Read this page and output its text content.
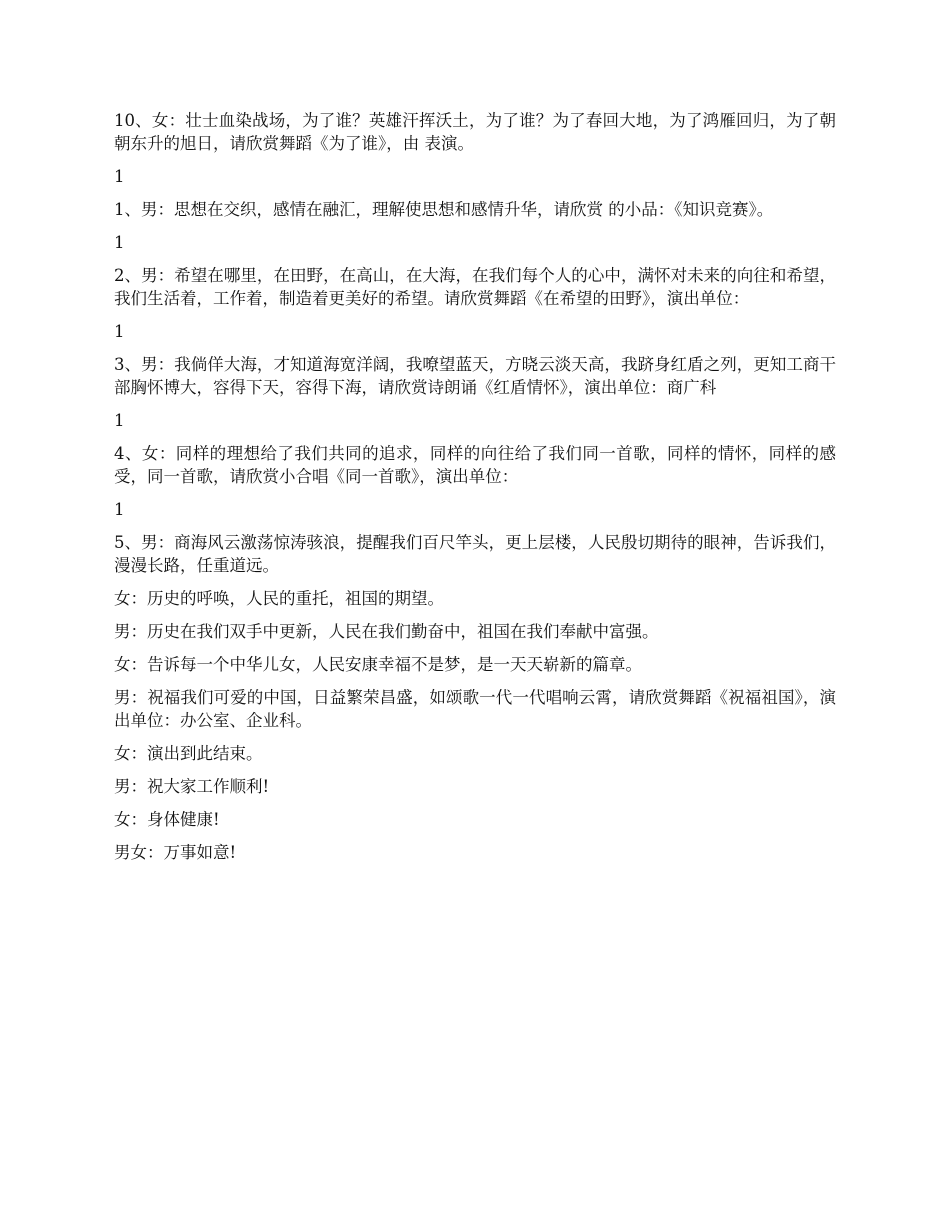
10、女：壮士血染战场，为了谁？英雄汗挥沃土，为了谁？为了春回大地，为了鸿雁回归，为了朝朝东升的旭日，请欣赏舞蹈《为了谁》，由 表演。

1

1、男：思想在交织，感情在融汇，理解使思想和感情升华，请欣赏 的小品：《知识竞赛》。

1

2、男：希望在哪里，在田野，在高山，在大海，在我们每个人的心中，满怀对未来的向往和希望，我们生活着，工作着，制造着更美好的希望。请欣赏舞蹈《在希望的田野》，演出单位：

1

3、男：我倘佯大海，才知道海宽洋阔，我嘹望蓝天，方晓云淡天高，我跻身红盾之列，更知工商干部胸怀博大，容得下天，容得下海，请欣赏诗朗诵《红盾情怀》，演出单位：商广科

1

4、女：同样的理想给了我们共同的追求，同样的向往给了我们同一首歌，同样的情怀，同样的感受，同一首歌，请欣赏小合唱《同一首歌》，演出单位：

1

5、男：商海风云激荡惊涛骇浪，提醒我们百尺竿头，更上层楼，人民殷切期待的眼神，告诉我们，漫漫长路，任重道远。

女：历史的呼唤，人民的重托，祖国的期望。

男：历史在我们双手中更新，人民在我们勤奋中，祖国在我们奉献中富强。

女：告诉每一个中华儿女，人民安康幸福不是梦，是一天天崭新的篇章。

男：祝福我们可爱的中国，日益繁荣昌盛，如颂歌一代一代唱响云霄，请欣赏舞蹈《祝福祖国》，演出单位：办公室、企业科。

女：演出到此结束。

男：祝大家工作顺利!

女：身体健康!

男女：万事如意!
